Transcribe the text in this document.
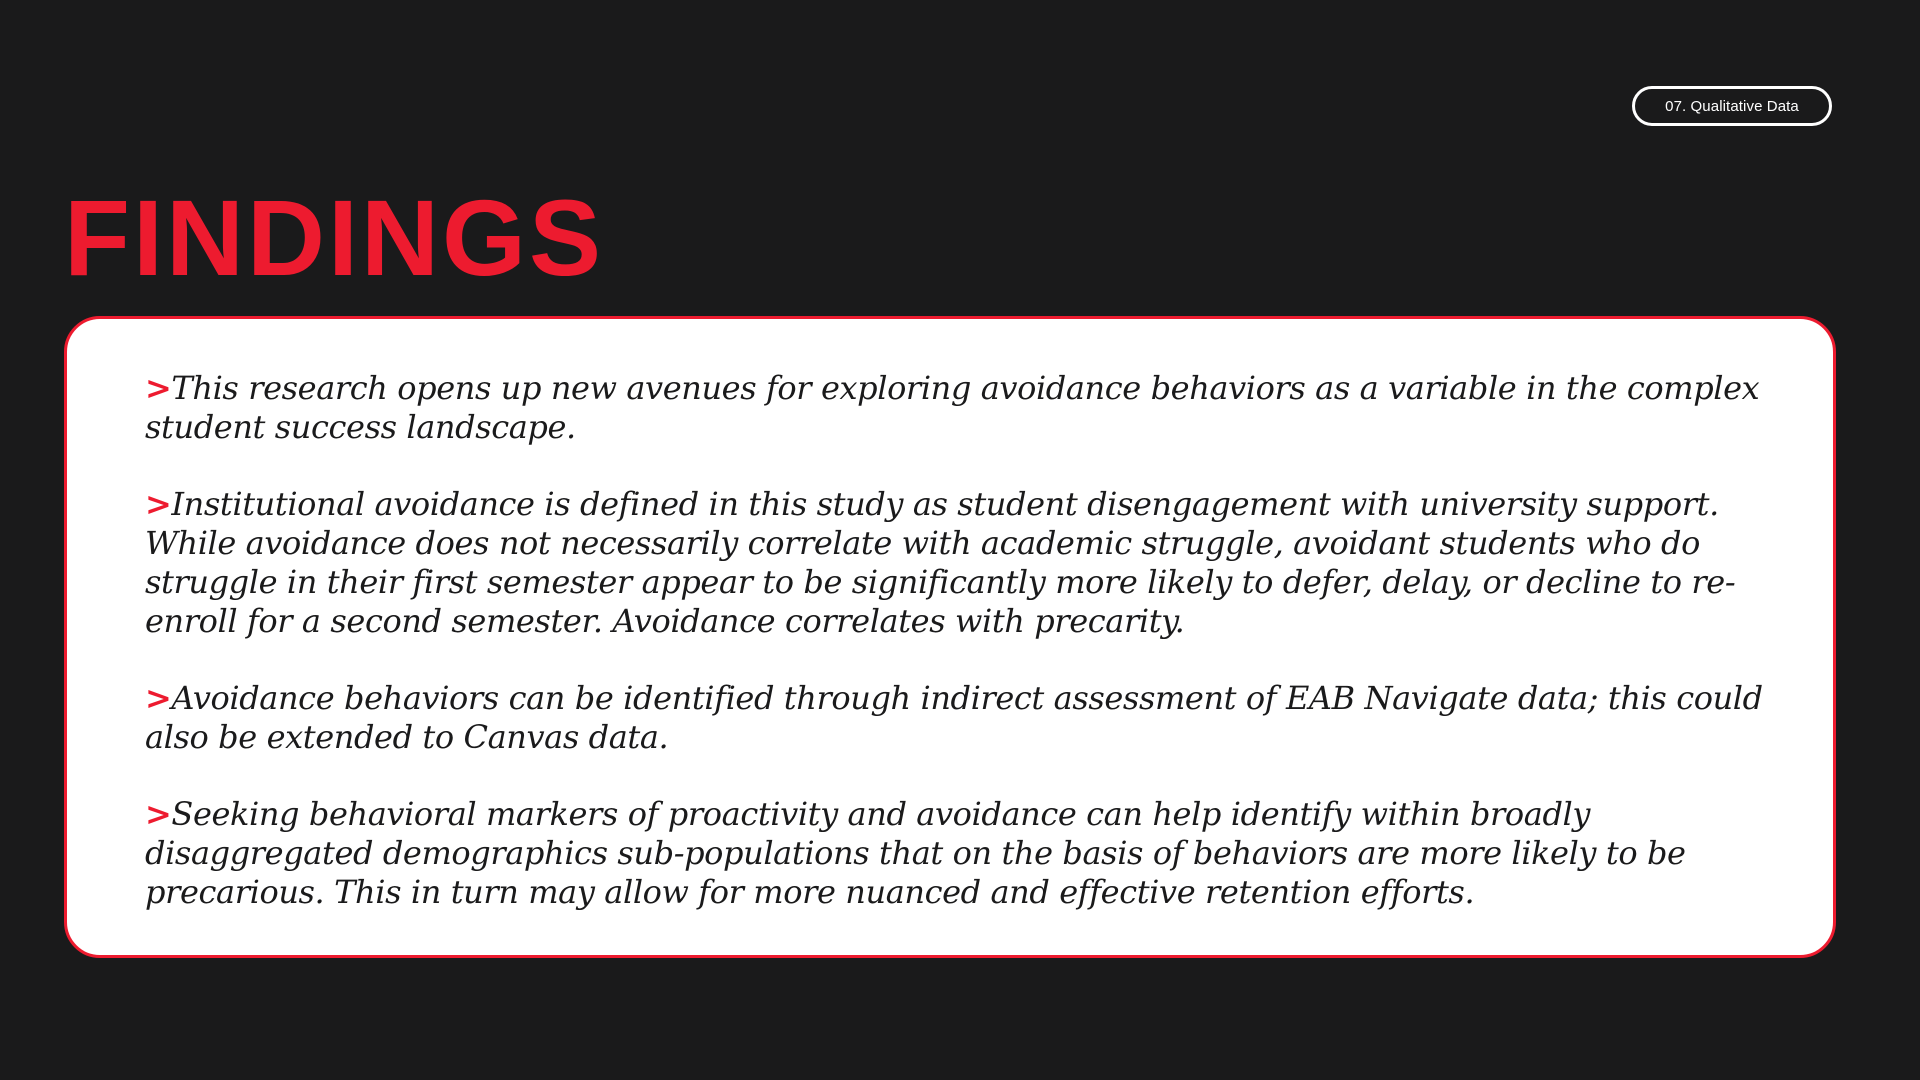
07. Qualitative Data
FINDINGS
>This research opens up new avenues for exploring avoidance behaviors as a variable in the complex student success landscape.
>Institutional avoidance is defined in this study as student disengagement with university support. While avoidance does not necessarily correlate with academic struggle, avoidant students who do struggle in their first semester appear to be significantly more likely to defer, delay, or decline to re-enroll for a second semester. Avoidance correlates with precarity.
>Avoidance behaviors can be identified through indirect assessment of EAB Navigate data; this could also be extended to Canvas data.
>Seeking behavioral markers of proactivity and avoidance can help identify within broadly disaggregated demographics sub-populations that on the basis of behaviors are more likely to be precarious. This in turn may allow for more nuanced and effective retention efforts.
